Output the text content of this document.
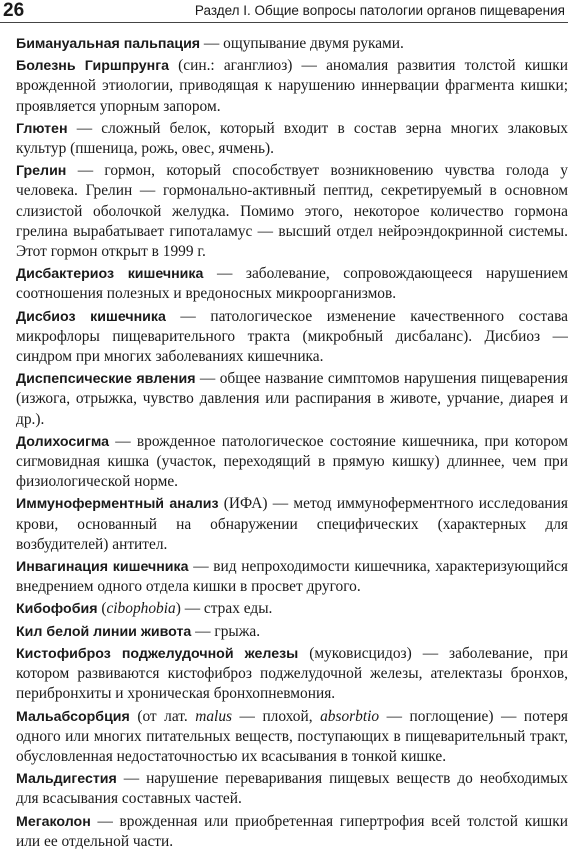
26	Раздел I. Общие вопросы патологии органов пищеварения

Бимануальная пальпация — ощупывание двумя руками.

Болезнь Гиршпрунга (син.: аганглиоз) — аномалия развития толстой кишки врожденной этиологии, приводящая к нарушению иннервации фрагмента кишки; проявляется упорным запором.

Глютен — сложный белок, который входит в состав зерна многих злаковых культур (пшеница, рожь, овес, ячмень).

Грелин — гормон, который способствует возникновению чувства голода у человека. Грелин — гормонально-активный пептид, секретируемый в основном слизистой оболочкой желудка. Помимо этого, некоторое количество гормона грелина вырабатывает гипоталамус — высший отдел нейроэндокринной системы. Этот гормон открыт в 1999 г.

Дисбактериоз кишечника — заболевание, сопровождающееся нарушением соотношения полезных и вредоносных микроорганизмов.

Дисбиоз кишечника — патологическое изменение качественного состава микрофлоры пищеварительного тракта (микробный дисбаланс). Дисбиоз — синдром при многих заболеваниях кишечника.

Диспепсические явления — общее название симптомов нарушения пищеварения (изжога, отрыжка, чувство давления или распирания в животе, урчание, диарея и др.).

Долихосигма — врожденное патологическое состояние кишечника, при котором сигмовидная кишка (участок, переходящий в прямую кишку) длиннее, чем при физиологической норме.

Иммуноферментный анализ (ИФА) — метод иммуноферментного исследования крови, основанный на обнаружении специфических (характерных для возбудителей) антител.

Инвагинация кишечника — вид непроходимости кишечника, характеризующийся внедрением одного отдела кишки в просвет другого.

Кибофобия (cibophobia) — страх еды.

Кил белой линии живота — грыжа.

Кистофиброз поджелудочной железы (муковисцидоз) — заболевание, при котором развиваются кистофиброз поджелудочной железы, ателектазы бронхов, перибронхиты и хроническая бронхопневмония.

Мальабсорбция (от лат. malus — плохой, absorbtio — поглощение) — потеря одного или многих питательных веществ, поступающих в пищеварительный тракт, обусловленная недостаточностью их всасывания в тонкой кишке.

Мальдигестия — нарушение переваривания пищевых веществ до необходимых для всасывания составных частей.

Мегаколон — врожденная или приобретенная гипертрофия всей толстой кишки или ее отдельной части.
